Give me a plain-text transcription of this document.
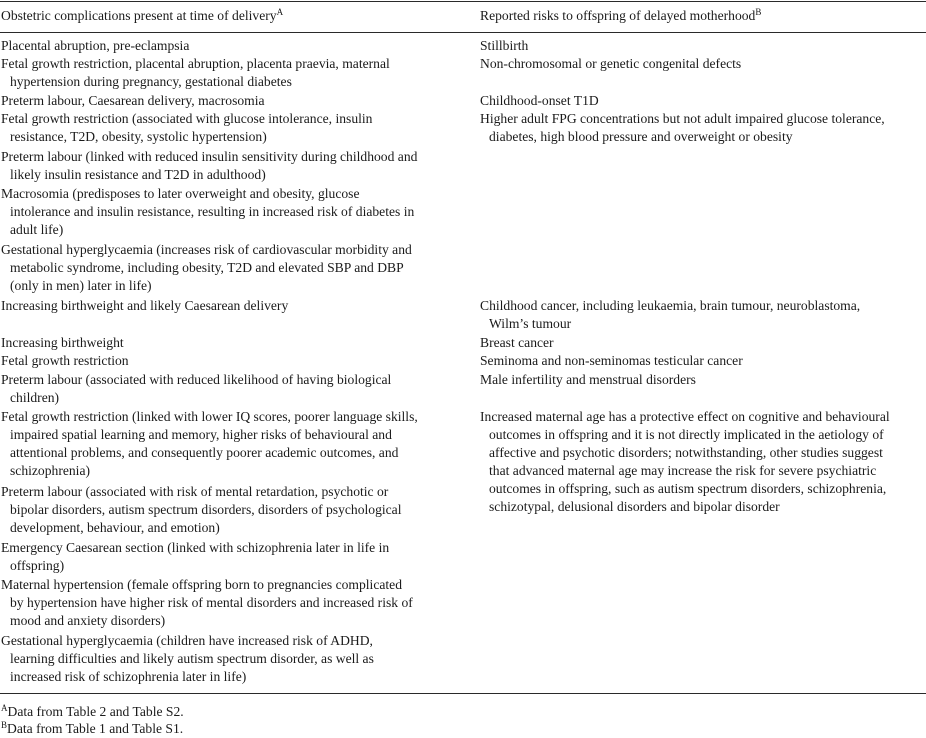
Obstetric complications present at time of delivery$^A$	Reported risks to offspring of delayed motherhood$^B$
Placental abruption, pre-eclampsia
Fetal growth restriction, placental abruption, placenta praevia, maternal
hypertension during pregnancy, gestational diabetes
Preterm labour, Caesarean delivery, macrosomia
Fetal growth restriction (associated with glucose intolerance, insulin
resistance, T2D, obesity, systolic hypertension)
Preterm labour (linked with reduced insulin sensitivity during childhood and
likely insulin resistance and T2D in adulthood)
Macrosomia (predisposes to later overweight and obesity, glucose
intolerance and insulin resistance, resulting in increased risk of diabetes in
adult life)
Gestational hyperglycaemia (increases risk of cardiovascular morbidity and
metabolic syndrome, including obesity, T2D and elevated SBP and DBP
(only in men) later in life)
Increasing birthweight and likely Caesarean delivery
Increasing birthweight
Fetal growth restriction
Preterm labour (associated with reduced likelihood of having biological
children)
Fetal growth restriction (linked with lower IQ scores, poorer language skills,
impaired spatial learning and memory, higher risks of behavioural and
attentional problems, and consequently poorer academic outcomes, and
schizophrenia)
Preterm labour (associated with risk of mental retardation, psychotic or
bipolar disorders, autism spectrum disorders, disorders of psychological
development, behaviour, and emotion)
Emergency Caesarean section (linked with schizophrenia later in life in
offspring)
Maternal hypertension (female offspring born to pregnancies complicated
by hypertension have higher risk of mental disorders and increased risk of
mood and anxiety disorders)
Gestational hyperglycaemia (children have increased risk of ADHD,
learning difficulties and likely autism spectrum disorder, as well as
increased risk of schizophrenia later in life)
Stillbirth
Non-chromosomal or genetic congenital defects
Childhood-onset T1D
Higher adult FPG concentrations but not adult impaired glucose tolerance,
diabetes, high blood pressure and overweight or obesity
Childhood cancer, including leukaemia, brain tumour, neuroblastoma,
Wilm’s tumour
Breast cancer
Seminoma and non-seminomas testicular cancer
Male infertility and menstrual disorders
Increased maternal age has a protective effect on cognitive and behavioural
outcomes in offspring and it is not directly implicated in the aetiology of
affective and psychotic disorders; notwithstanding, other studies suggest
that advanced maternal age may increase the risk for severe psychiatric
outcomes in offspring, such as autism spectrum disorders, schizophrenia,
schizotypal, delusional disorders and bipolar disorder
$^A$Data from Table 2 and Table S2.
$^B$Data from Table 1 and Table S1.
